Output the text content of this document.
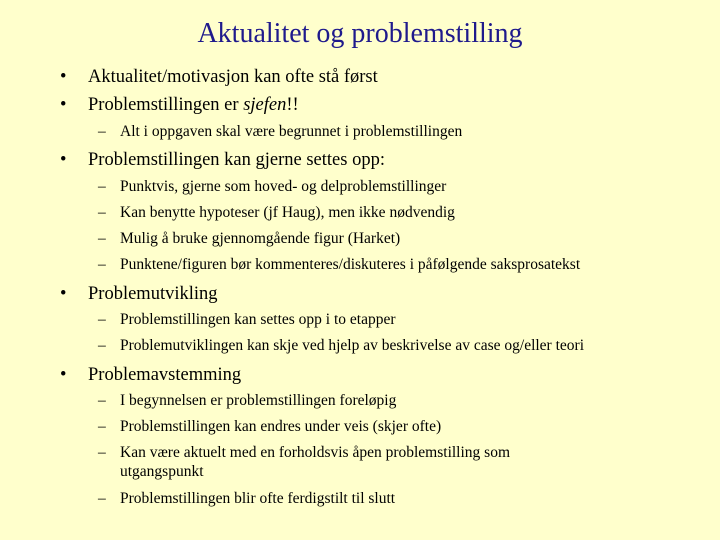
Aktualitet og problemstilling
• Aktualitet/motivasjon kan ofte stå først
• Problemstillingen er sjefen!!
– Alt i oppgaven skal være begrunnet i problemstillingen
• Problemstillingen kan gjerne settes opp:
– Punktvis, gjerne som hoved- og delproblemstillinger
– Kan benytte hypoteser (jf Haug), men ikke nødvendig
– Mulig å bruke gjennomgående figur (Harket)
– Punktene/figuren bør kommenteres/diskuteres i påfølgende saksprosatekst
• Problemutvikling
– Problemstillingen kan settes opp i to etapper
– Problemutviklingen kan skje ved hjelp av beskrivelse av case og/eller teori
• Problemavstemming
– I begynnelsen er problemstillingen foreløpig
– Problemstillingen kan endres under veis (skjer ofte)
– Kan være aktuelt med en forholdsvis åpen problemstilling som
utgangspunkt
– Problemstillingen blir ofte ferdigstilt til slutt
